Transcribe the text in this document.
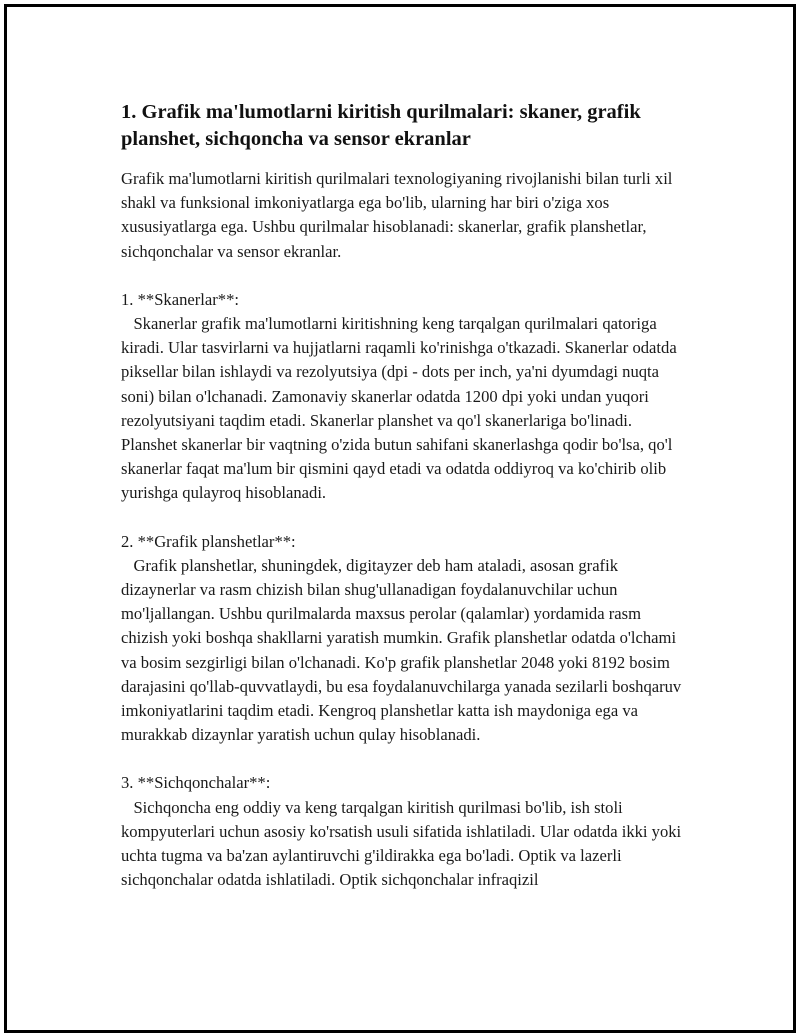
1. Grafik ma'lumotlarni kiritish qurilmalari: skaner, grafik planshet, sichqoncha va sensor ekranlar

Grafik ma'lumotlarni kiritish qurilmalari texnologiyaning rivojlanishi bilan turli xil shakl va funksional imkoniyatlarga ega bo'lib, ularning har biri o'ziga xos xususiyatlarga ega. Ushbu qurilmalar hisoblanadi: skanerlar, grafik planshetlar, sichqonchalar va sensor ekranlar.

1. **Skanerlar**:

Skanerlar grafik ma'lumotlarni kiritishning keng tarqalgan qurilmalari qatoriga kiradi. Ular tasvirlarni va hujjatlarni raqamli ko'rinishga o'tkazadi. Skanerlar odatda piksellar bilan ishlaydi va rezolyutsiya (dpi - dots per inch, ya'ni dyumdagi nuqta soni) bilan o'lchanadi. Zamonaviy skanerlar odatda 1200 dpi yoki undan yuqori rezolyutsiyani taqdim etadi. Skanerlar planshet va qo'l skanerlariga bo'linadi. Planshet skanerlar bir vaqtning o'zida butun sahifani skanerlashga qodir bo'lsa, qo'l skanerlar faqat ma'lum bir qismini qayd etadi va odatda oddiyroq va ko'chirib olib yurishga qulayroq hisoblanadi.

2. **Grafik planshetlar**:

Grafik planshetlar, shuningdek, digitayzer deb ham ataladi, asosan grafik dizaynerlar va rasm chizish bilan shug'ullanadigan foydalanuvchilar uchun mo'ljallangan. Ushbu qurilmalarda maxsus perolar (qalamlar) yordamida rasm chizish yoki boshqa shakllarni yaratish mumkin. Grafik planshetlar odatda o'lchami va bosim sezgirligi bilan o'lchanadi. Ko'p grafik planshetlar 2048 yoki 8192 bosim darajasini qo'llab-quvvatlaydi, bu esa foydalanuvchilarga yanada sezilarli boshqaruv imkoniyatlarini taqdim etadi. Kengroq planshetlar katta ish maydoniga ega va murakkab dizaynlar yaratish uchun qulay hisoblanadi.

3. **Sichqonchalar**:

Sichqoncha eng oddiy va keng tarqalgan kiritish qurilmasi bo'lib, ish stoli kompyuterlari uchun asosiy ko'rsatish usuli sifatida ishlatiladi. Ular odatda ikki yoki uchta tugma va ba'zan aylantiruvchi g'ildirakka ega bo'ladi. Optik va lazerli sichqonchalar odatda ishlatiladi. Optik sichqonchalar infraqizil
